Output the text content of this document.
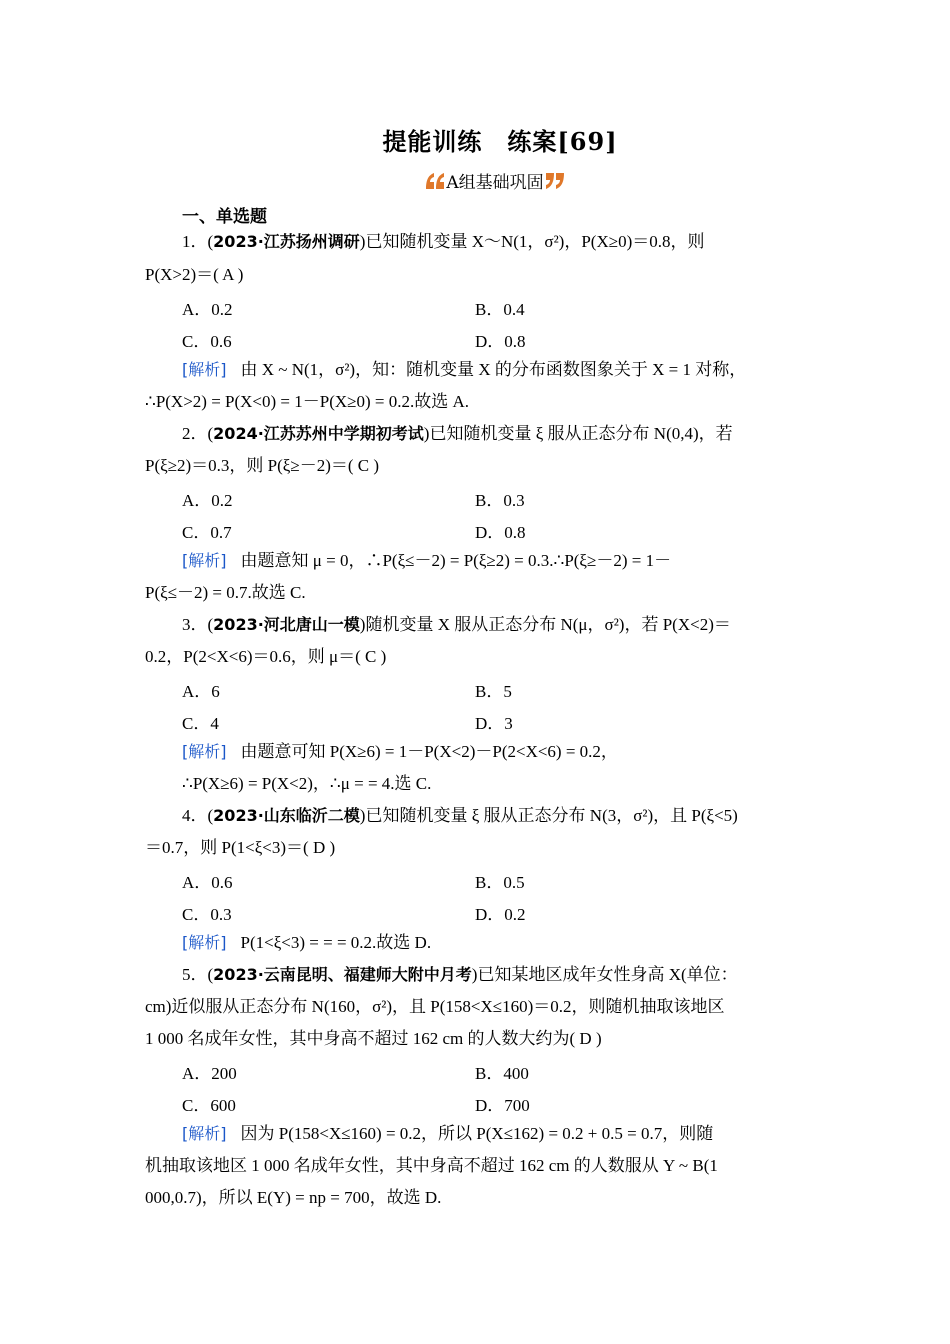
提能训练　练案[69]
A组基础巩固
一、单选题
1．(2023·江苏扬州调研)已知随机变量 X～N(1，σ²)，P(X≥0)＝0.8，则
P(X>2)＝( A )
A．0.2	B．0.4
C．0.6	D．0.8
[解析] 由 X ~ N(1，σ²)，知：随机变量 X 的分布函数图象关于 X = 1 对称，
∴P(X>2) = P(X<0) = 1－P(X≥0) = 0.2.故选 A.
2．(2024·江苏苏州中学期初考试)已知随机变量 ξ 服从正态分布 N(0,4)，若
P(ξ≥2)＝0.3，则 P(ξ≥－2)＝( C )
A．0.2	B．0.3
C．0.7	D．0.8
[解析] 由题意知 μ = 0，∴P(ξ≤－2) = P(ξ≥2) = 0.3.∴P(ξ≥－2) = 1－
P(ξ≤－2) = 0.7.故选 C.
3．(2023·河北唐山一模)随机变量 X 服从正态分布 N(μ，σ²)，若 P(X<2)＝
0.2，P(2<X<6)＝0.6，则 μ＝( C )
A．6	B．5
C．4	D．3
[解析] 由题意可知 P(X≥6) = 1－P(X<2)－P(2<X<6) = 0.2，
∴P(X≥6) = P(X<2)，∴μ = = 4.选 C.
4．(2023·山东临沂二模)已知随机变量 ξ 服从正态分布 N(3，σ²)，且 P(ξ<5)
＝0.7，则 P(1<ξ<3)＝( D )
A．0.6	B．0.5
C．0.3	D．0.2
[解析] P(1<ξ<3) = = = 0.2.故选 D.
5．(2023·云南昆明、福建师大附中月考)已知某地区成年女性身高 X(单位：
cm)近似服从正态分布 N(160，σ²)，且 P(158<X≤160)＝0.2，则随机抽取该地区
1 000 名成年女性，其中身高不超过 162 cm 的人数大约为( D )
A．200	B．400
C．600	D．700
[解析] 因为 P(158<X≤160) = 0.2，所以 P(X≤162) = 0.2 + 0.5 = 0.7，则随
机抽取该地区 1 000 名成年女性，其中身高不超过 162 cm 的人数服从 Y ~ B(1
000,0.7)，所以 E(Y) = np = 700，故选 D.
